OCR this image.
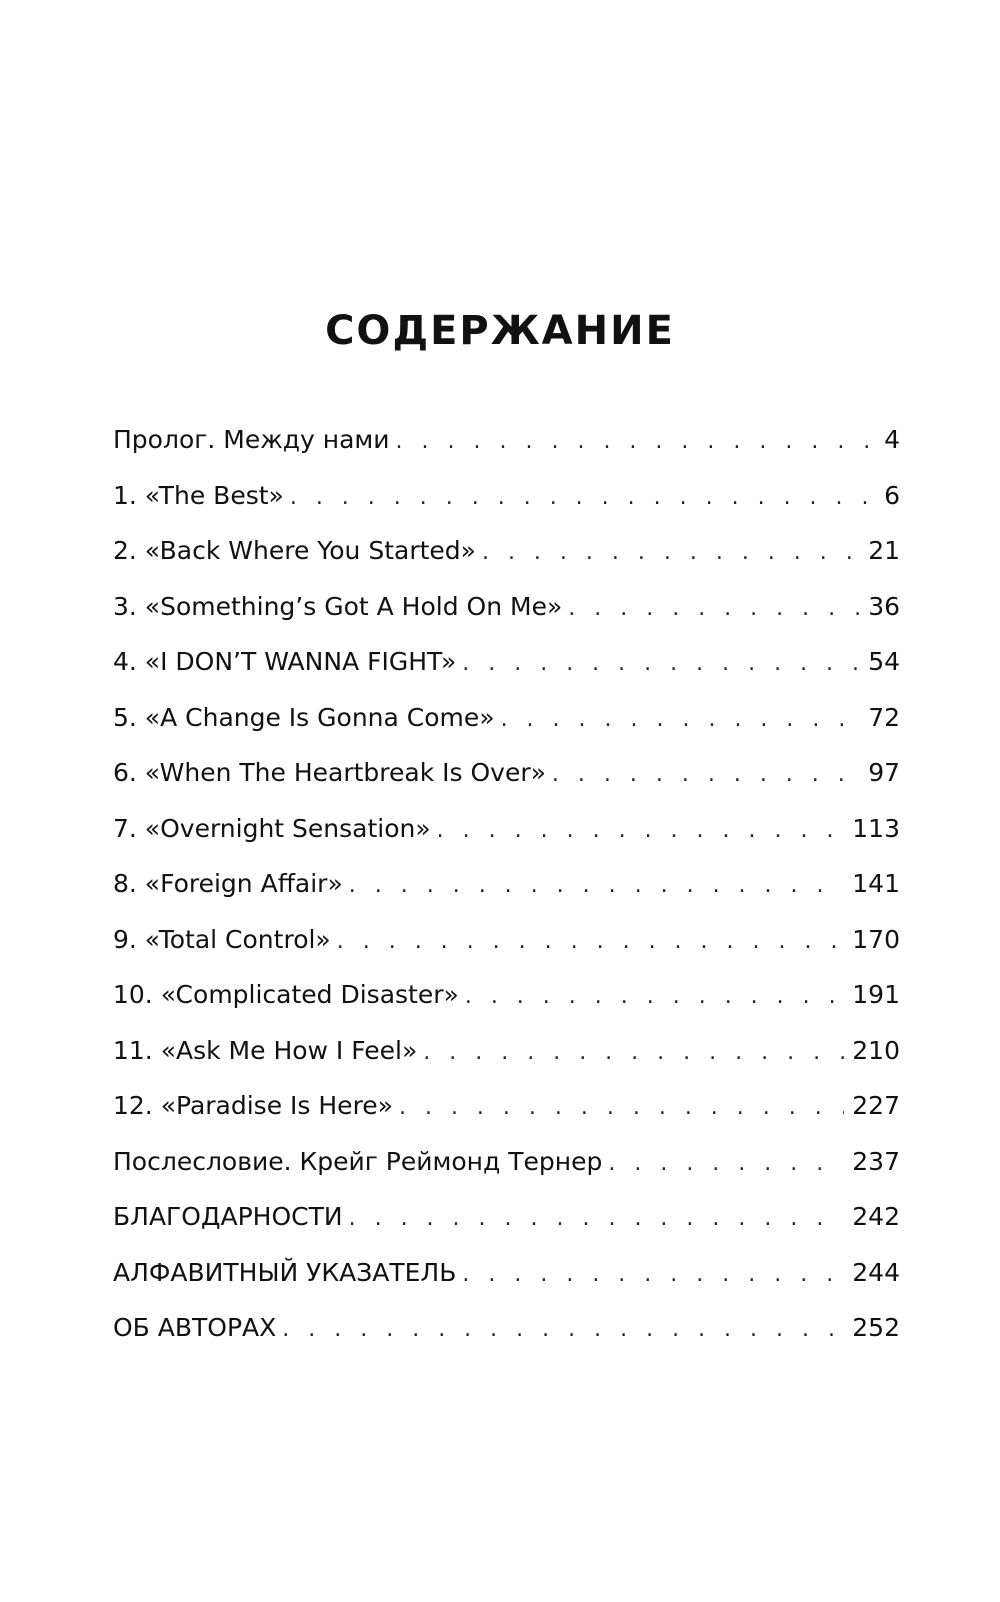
СОДЕРЖАНИЕ
Пролог. Между нами . . .	4
1. «The Best» . . .	6
2. «Back Where You Started» . . .	21
3. «Something’s Got A Hold On Me» . . .	36
4. «I DON’T WANNA FIGHT» . . .	54
5. «A Change Is Gonna Come» . . .	72
6. «When The Heartbreak Is Over» . . .	97
7. «Overnight Sensation» . . .	113
8. «Foreign Affair» . . .	141
9. «Total Control» . . .	170
10. «Complicated Disaster» . . .	191
11. «Ask Me How I Feel» . . .	210
12. «Paradise Is Here» . . .	227
Послесловие. Крейг Реймонд Тернер . . .	237
БЛАГОДАРНОСТИ . . .	242
АЛФАВИТНЫЙ УКАЗАТЕЛЬ . . .	244
ОБ АВТОРАХ . . .	252
